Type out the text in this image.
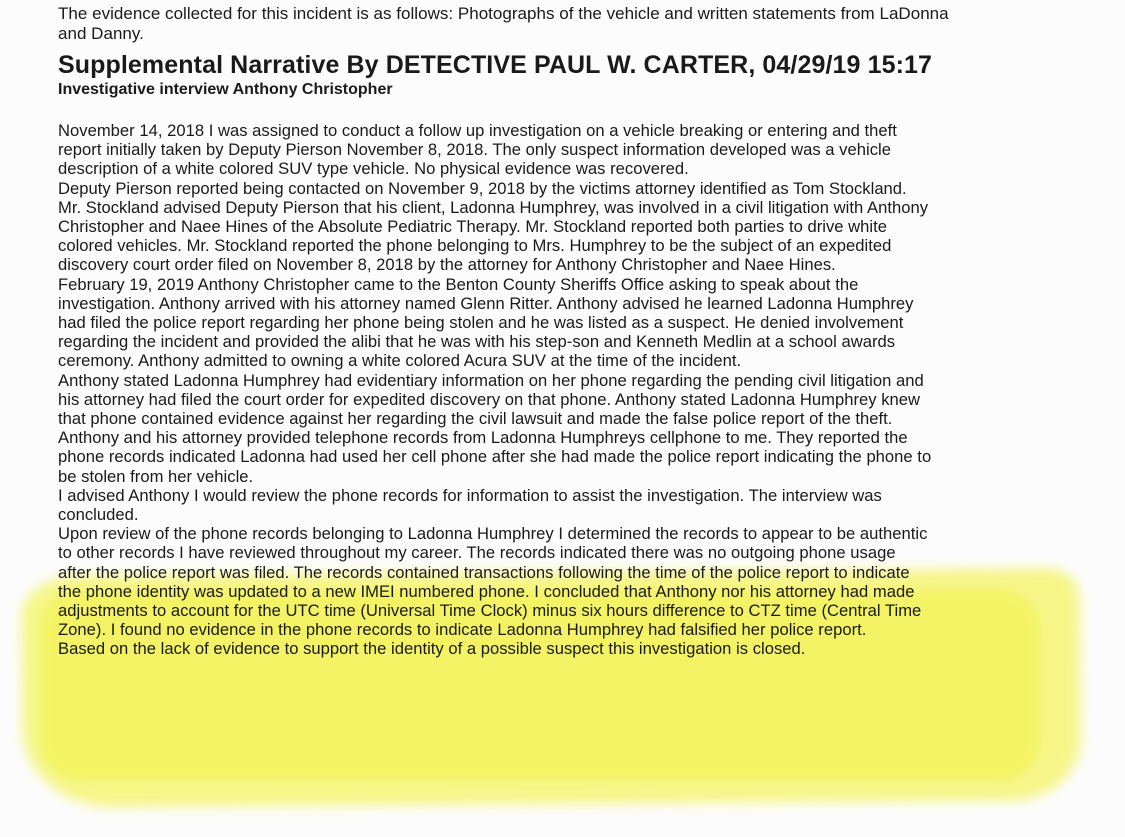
The evidence collected for this incident is as follows: Photographs of the vehicle and written statements from LaDonna
and Danny.
Supplemental Narrative By DETECTIVE PAUL W. CARTER, 04/29/19 15:17
Investigative interview Anthony Christopher
November 14, 2018 I was assigned to conduct a follow up investigation on a vehicle breaking or entering and theft
report initially taken by Deputy Pierson November 8, 2018. The only suspect information developed was a vehicle
description of a white colored SUV type vehicle. No physical evidence was recovered.
Deputy Pierson reported being contacted on November 9, 2018 by the victims attorney identified as Tom Stockland.
Mr. Stockland advised Deputy Pierson that his client, Ladonna Humphrey, was involved in a civil litigation with Anthony
Christopher and Naee Hines of the Absolute Pediatric Therapy. Mr. Stockland reported both parties to drive white
colored vehicles. Mr. Stockland reported the phone belonging to Mrs. Humphrey to be the subject of an expedited
discovery court order filed on November 8, 2018 by the attorney for Anthony Christopher and Naee Hines.
February 19, 2019 Anthony Christopher came to the Benton County Sheriffs Office asking to speak about the
investigation. Anthony arrived with his attorney named Glenn Ritter. Anthony advised he learned Ladonna Humphrey
had filed the police report regarding her phone being stolen and he was listed as a suspect. He denied involvement
regarding the incident and provided the alibi that he was with his step-son and Kenneth Medlin at a school awards
ceremony. Anthony admitted to owning a white colored Acura SUV at the time of the incident.
Anthony stated Ladonna Humphrey had evidentiary information on her phone regarding the pending civil litigation and
his attorney had filed the court order for expedited discovery on that phone. Anthony stated Ladonna Humphrey knew
that phone contained evidence against her regarding the civil lawsuit and made the false police report of the theft.
Anthony and his attorney provided telephone records from Ladonna Humphreys cellphone to me. They reported the
phone records indicated Ladonna had used her cell phone after she had made the police report indicating the phone to
be stolen from her vehicle.
I advised Anthony I would review the phone records for information to assist the investigation. The interview was
concluded.
Upon review of the phone records belonging to Ladonna Humphrey I determined the records to appear to be authentic
to other records I have reviewed throughout my career. The records indicated there was no outgoing phone usage
after the police report was filed. The records contained transactions following the time of the police report to indicate
the phone identity was updated to a new IMEI numbered phone. I concluded that Anthony nor his attorney had made
adjustments to account for the UTC time (Universal Time Clock) minus six hours difference to CTZ time (Central Time
Zone). I found no evidence in the phone records to indicate Ladonna Humphrey had falsified her police report.
Based on the lack of evidence to support the identity of a possible suspect this investigation is closed.
